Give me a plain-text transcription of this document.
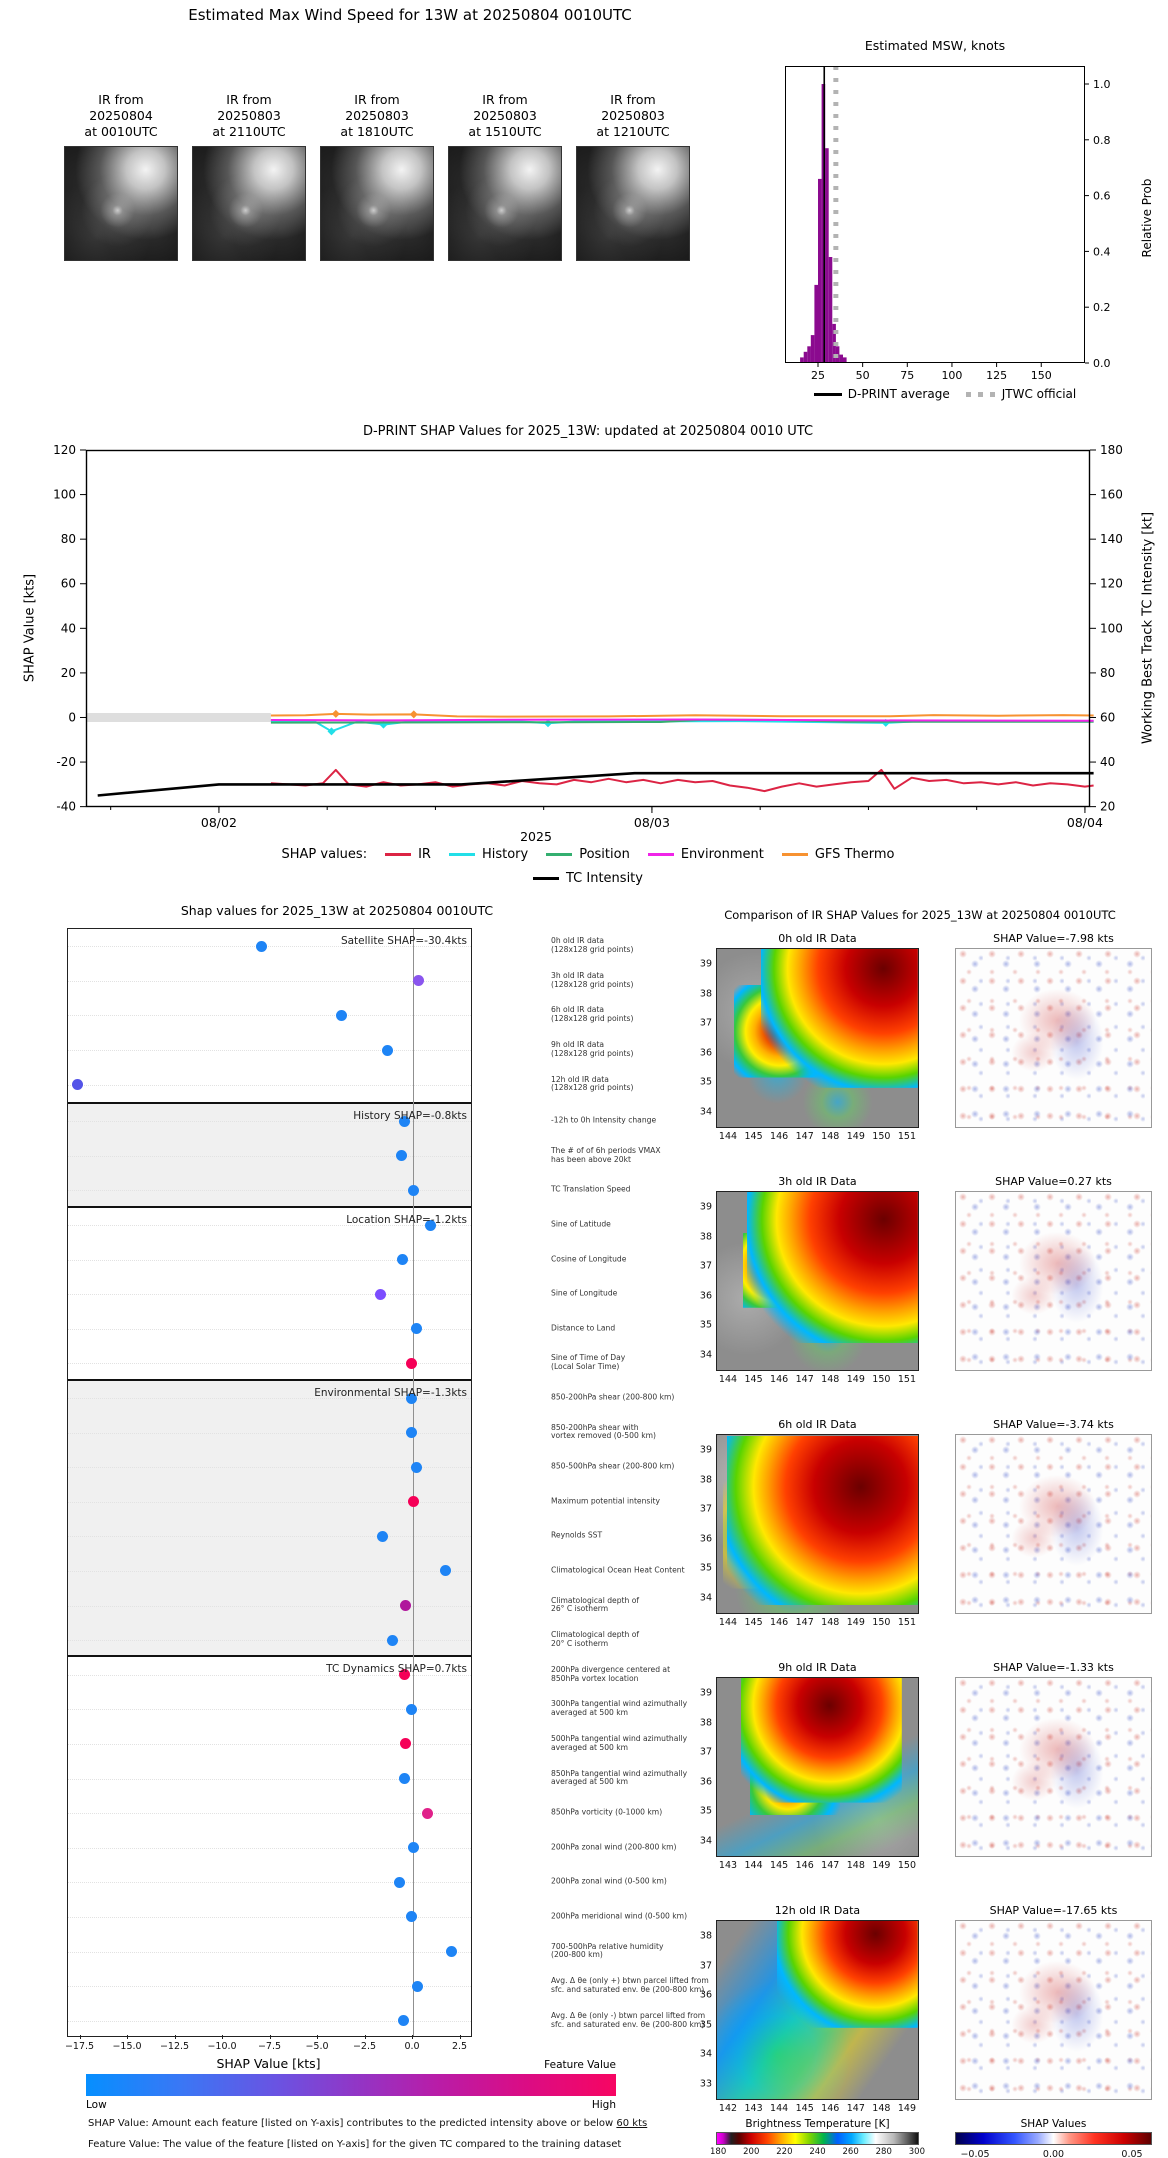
Estimated Max Wind Speed for 13W at 20250804 0010UTC
IR from
20250804
at 0010UTC
IR from
20250803
at 2110UTC
IR from
20250803
at 1810UTC
IR from
20250803
at 1510UTC
IR from
20250803
at 1210UTC
Estimated MSW, knots
25	50	75 100 125 150
0.0
0.2
0.4
0.6
0.8
1.0
Relative Prob
D-PRINT average	JTWC official
D-PRINT SHAP Values for 2025_13W: updated at 20250804 0010 UTC
SHAP Value [kts]	Working Best Track TC Intensity [kt]
120
100
80
60
40
20
0
-20
-40
180
160
140
120
100
80
60
40
20
08/02	08/03	08/04
2025
SHAP values:	IR	History	Position	Environment	GFS Thermo
TC Intensity
Shap values for 2025_13W at 20250804 0010UTC
Satellite SHAP=-30.4kts	0h old IR data
(128x128 grid points)
3h old IR data
(128x128 grid points)
6h old IR data
(128x128 grid points)
9h old IR data
(128x128 grid points)
12h old IR data
(128x128 grid points)
History SHAP=-0.8kts	-12h to 0h Intensity change
The # of of 6h periods VMAX
has been above 20kt
TC Translation Speed
Location SHAP=-1.2kts	Sine of Latitude
Cosine of Longitude
Sine of Longitude
Distance to Land
Sine of Time of Day
(Local Solar Time)
Environmental SHAP=-1.3kts	850-200hPa shear (200-800 km)
850-200hPa shear with
vortex removed (0-500 km)
850-500hPa shear (200-800 km)
Maximum potential intensity
Reynolds SST
Climatological Ocean Heat Content
Climatological depth of
26° C isotherm
Climatological depth of
20° C isotherm
TC Dynamics SHAP=0.7kts	200hPa divergence centered at
850hPa vortex location
300hPa tangential wind azimuthally
averaged at 500 km
500hPa tangential wind azimuthally
averaged at 500 km
850hPa tangential wind azimuthally
averaged at 500 km
850hPa vorticity (0-1000 km)
200hPa zonal wind (200-800 km)
200hPa zonal wind (0-500 km)
200hPa meridional wind (0-500 km)
700-500hPa relative humidity
(200-800 km)
Avg. Δ θe (only +) btwn parcel lifted from
sfc. and saturated env. θe (200-800 km)
Avg. Δ θe (only -) btwn parcel lifted from
sfc. and saturated env. θe (200-800 km)
−17.5	−15.0	−12.5	−10.0	−7.5	−5.0	−2.5	0.0	2.5
SHAP Value [kts]	Feature Value
Low	High
SHAP Value: Amount each feature [listed on Y-axis] contributes to the predicted intensity above or below 60 kts
Feature Value: The value of the feature [listed on Y-axis] for the given TC compared to the training dataset
Comparison of IR SHAP Values for 2025_13W at 20250804 0010UTC
0h old IR Data	SHAP Value=-7.98 kts
39
38
37
36
35
34
144 145 146 147 148 149 150 151
3h old IR Data	SHAP Value=0.27 kts
39
38
37
36
35
34
144 145 146 147 148 149 150 151
6h old IR Data	SHAP Value=-3.74 kts
39
38
37
36
35
34
144 145 146 147 148 149 150 151
9h old IR Data	SHAP Value=-1.33 kts
39
38
37
36
35
34
143 144 145 146 147 148 149 150
12h old IR Data	SHAP Value=-17.65 kts
38
37
36
35
34
33
142 143 144 145 146 147 148 149
Brightness Temperature [K]
180 200 220 240 260 280 300
SHAP Values
−0.05	0.00	0.05
